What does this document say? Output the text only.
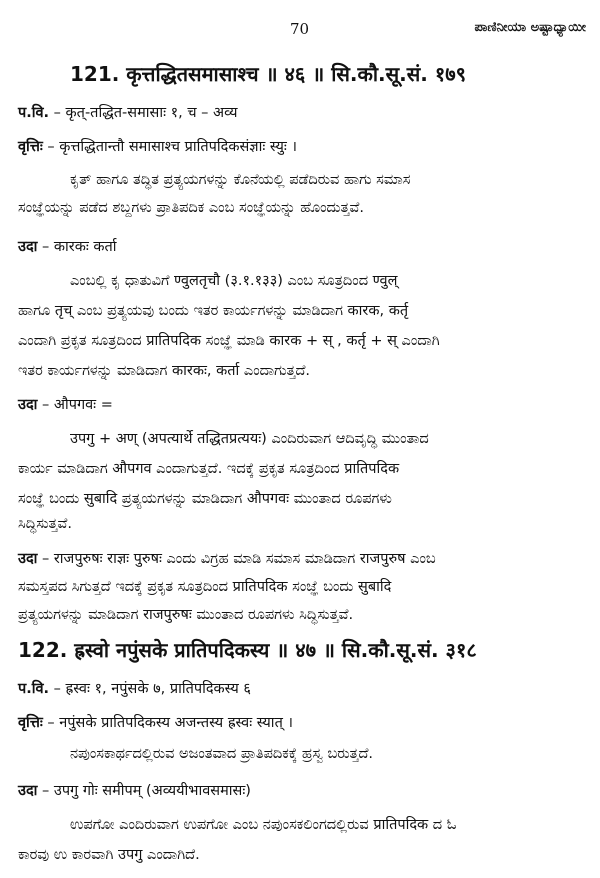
70	ಪಾಣಿನೀಯಾ ಅಷ್ಟಾಧ್ಯಾಯೀ
121. कृत्तद्धितसमासाश्च ॥ ४६ ॥ सि.कौ.सू.सं. १७९
प.वि. – कृत्-तद्धित-समासाः १, च – अव्य
वृत्तिः – कृत्तद्धितान्तौ समासाश्च प्रातिपदिकसंज्ञाः स्युः ।
ಕೃತ್ ಹಾಗೂ ತದ್ಧಿತ ಪ್ರತ್ಯಯಗಳನ್ನು ಕೊನೆಯಲ್ಲಿ ಪಡೆದಿರುವ ಹಾಗು ಸಮಾಸ
ಸಂಜ್ಞೆಯನ್ನು ಪಡೆದ ಶಬ್ದಗಳು ಪ್ರಾತಿಪದಿಕ ಎಂಬ ಸಂಜ್ಞೆಯನ್ನು ಹೊಂದುತ್ತವೆ.
उदा – कारकः कर्ता
ಎಂಬಲ್ಲಿ ಕೃ ಧಾತುವಿಗೆ ण्वुलतृचौ (३.१.१३३) ಎಂಬ ಸೂತ್ರದಿಂದ ण्वुल्
ಹಾಗೂ तृच् ಎಂಬ ಪ್ರತ್ಯಯವು ಬಂದು ಇತರ ಕಾರ್ಯಗಳನ್ನು ಮಾಡಿದಾಗ कारक, कर्तृ
ಎಂದಾಗಿ ಪ್ರಕೃತ ಸೂತ್ರದಿಂದ प्रातिपदिक ಸಂಜ್ಞೆ ಮಾಡಿ कारक + स् , कर्तृ + स् ಎಂದಾಗಿ
ಇತರ ಕಾರ್ಯಗಳನ್ನು ಮಾಡಿದಾಗ कारकः, कर्ता ಎಂದಾಗುತ್ತದೆ.
उदा – औपगवः =
उपगु + अण् (अपत्यार्थे तद्धितप्रत्ययः) ಎಂದಿರುವಾಗ ಆದಿವೃದ್ಧಿ ಮುಂತಾದ
ಕಾರ್ಯ ಮಾಡಿದಾಗ औपगव ಎಂದಾಗುತ್ತದೆ. ಇದಕ್ಕೆ ಪ್ರಕೃತ ಸೂತ್ರದಿಂದ प्रातिपदिक
ಸಂಜ್ಞೆ ಬಂದು सुबादि ಪ್ರತ್ಯಯಗಳನ್ನು ಮಾಡಿದಾಗ औपगवः ಮುಂತಾದ ರೂಪಗಳು
ಸಿದ್ಧಿಸುತ್ತವೆ.
उदा – राजपुरुषः राज्ञः पुरुषः ಎಂದು ವಿಗ್ರಹ ಮಾಡಿ ಸಮಾಸ ಮಾಡಿದಾಗ राजपुरुष ಎಂಬ
ಸಮಸ್ತಪದ ಸಿಗುತ್ತದೆ ಇದಕ್ಕೆ ಪ್ರಕೃತ ಸೂತ್ರದಿಂದ प्रातिपदिक ಸಂಜ್ಞೆ ಬಂದು सुबादि
ಪ್ರತ್ಯಯಗಳನ್ನು ಮಾಡಿದಾಗ राजपुरुषः ಮುಂತಾದ ರೂಪಗಳು ಸಿದ್ಧಿಸುತ್ತವೆ.
122. ह्रस्वो नपुंसके प्रातिपदिकस्य ॥ ४७ ॥ सि.कौ.सू.सं. ३१८
प.वि. – ह्रस्वः १, नपुंसके ७, प्रातिपदिकस्य ६
वृत्तिः – नपुंसके प्रातिपदिकस्य अजन्तस्य ह्रस्वः स्यात् ।
ನಪುಂಸಕಾರ್ಥದಲ್ಲಿರುವ ಅಜಂತವಾದ ಪ್ರಾತಿಪದಿಕಕ್ಕೆ ಹ್ರಸ್ವ ಬರುತ್ತದೆ.
उदा – उपगु गोः समीपम् (अव्ययीभावसमासः)
ಉಪಗೋ ಎಂದಿರುವಾಗ ಉಪಗೋ ಎಂಬ ನಪುಂಸಕಲಿಂಗದಲ್ಲಿರುವ प्रातिपदिक ದ ಓ
ಕಾರವು ಉ ಕಾರವಾಗಿ उपगु ಎಂದಾಗಿದೆ.
